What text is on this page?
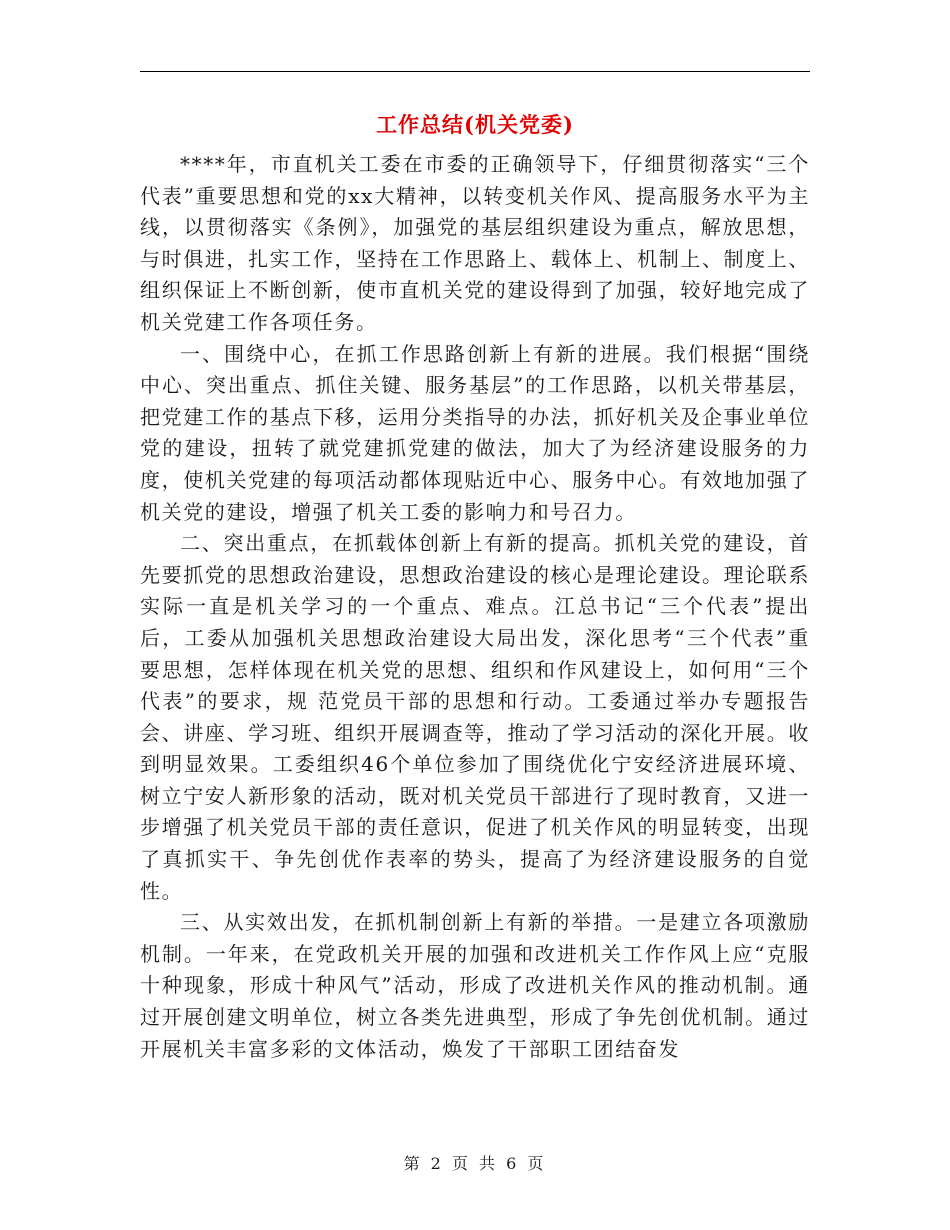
工作总结(机关党委)

****年，市直机关工委在市委的正确领导下，仔细贯彻落实“三个代表”重要思想和党的xx大精神，以转变机关作风、提高服务水平为主线，以贯彻落实《条例》，加强党的基层组织建设为重点，解放思想，与时俱进，扎实工作，坚持在工作思路上、载体上、机制上、制度上、组织保证上不断创新，使市直机关党的建设得到了加强，较好地完成了机关党建工作各项任务。

一、围绕中心，在抓工作思路创新上有新的进展。我们根据“围绕中心、突出重点、抓住关键、服务基层”的工作思路，以机关带基层，把党建工作的基点下移，运用分类指导的办法，抓好机关及企事业单位党的建设，扭转了就党建抓党建的做法，加大了为经济建设服务的力度，使机关党建的每项活动都体现贴近中心、服务中心。有效地加强了机关党的建设，增强了机关工委的影响力和号召力。

二、突出重点，在抓载体创新上有新的提高。抓机关党的建设，首先要抓党的思想政治建设，思想政治建设的核心是理论建设。理论联系实际一直是机关学习的一个重点、难点。江总书记“三个代表”提出后，工委从加强机关思想政治建设大局出发，深化思考“三个代表”重要思想，怎样体现在机关党的思想、组织和作风建设上，如何用“三个代表”的要求，规 范党员干部的思想和行动。工委通过举办专题报告会、讲座、学习班、组织开展调查等，推动了学习活动的深化开展。收到明显效果。工委组织46个单位参加了围绕优化宁安经济进展环境、树立宁安人新形象的活动，既对机关党员干部进行了现时教育，又进一步增强了机关党员干部的责任意识，促进了机关作风的明显转变，出现了真抓实干、争先创优作表率的势头，提高了为经济建设服务的自觉性。

三、从实效出发，在抓机制创新上有新的举措。一是建立各项激励机制。一年来，在党政机关开展的加强和改进机关工作作风上应“克服十种现象，形成十种风气”活动，形成了改进机关作风的推动机制。通过开展创建文明单位，树立各类先进典型，形成了争先创优机制。通过开展机关丰富多彩的文体活动，焕发了干部职工团结奋发

第 2 页 共 6 页
